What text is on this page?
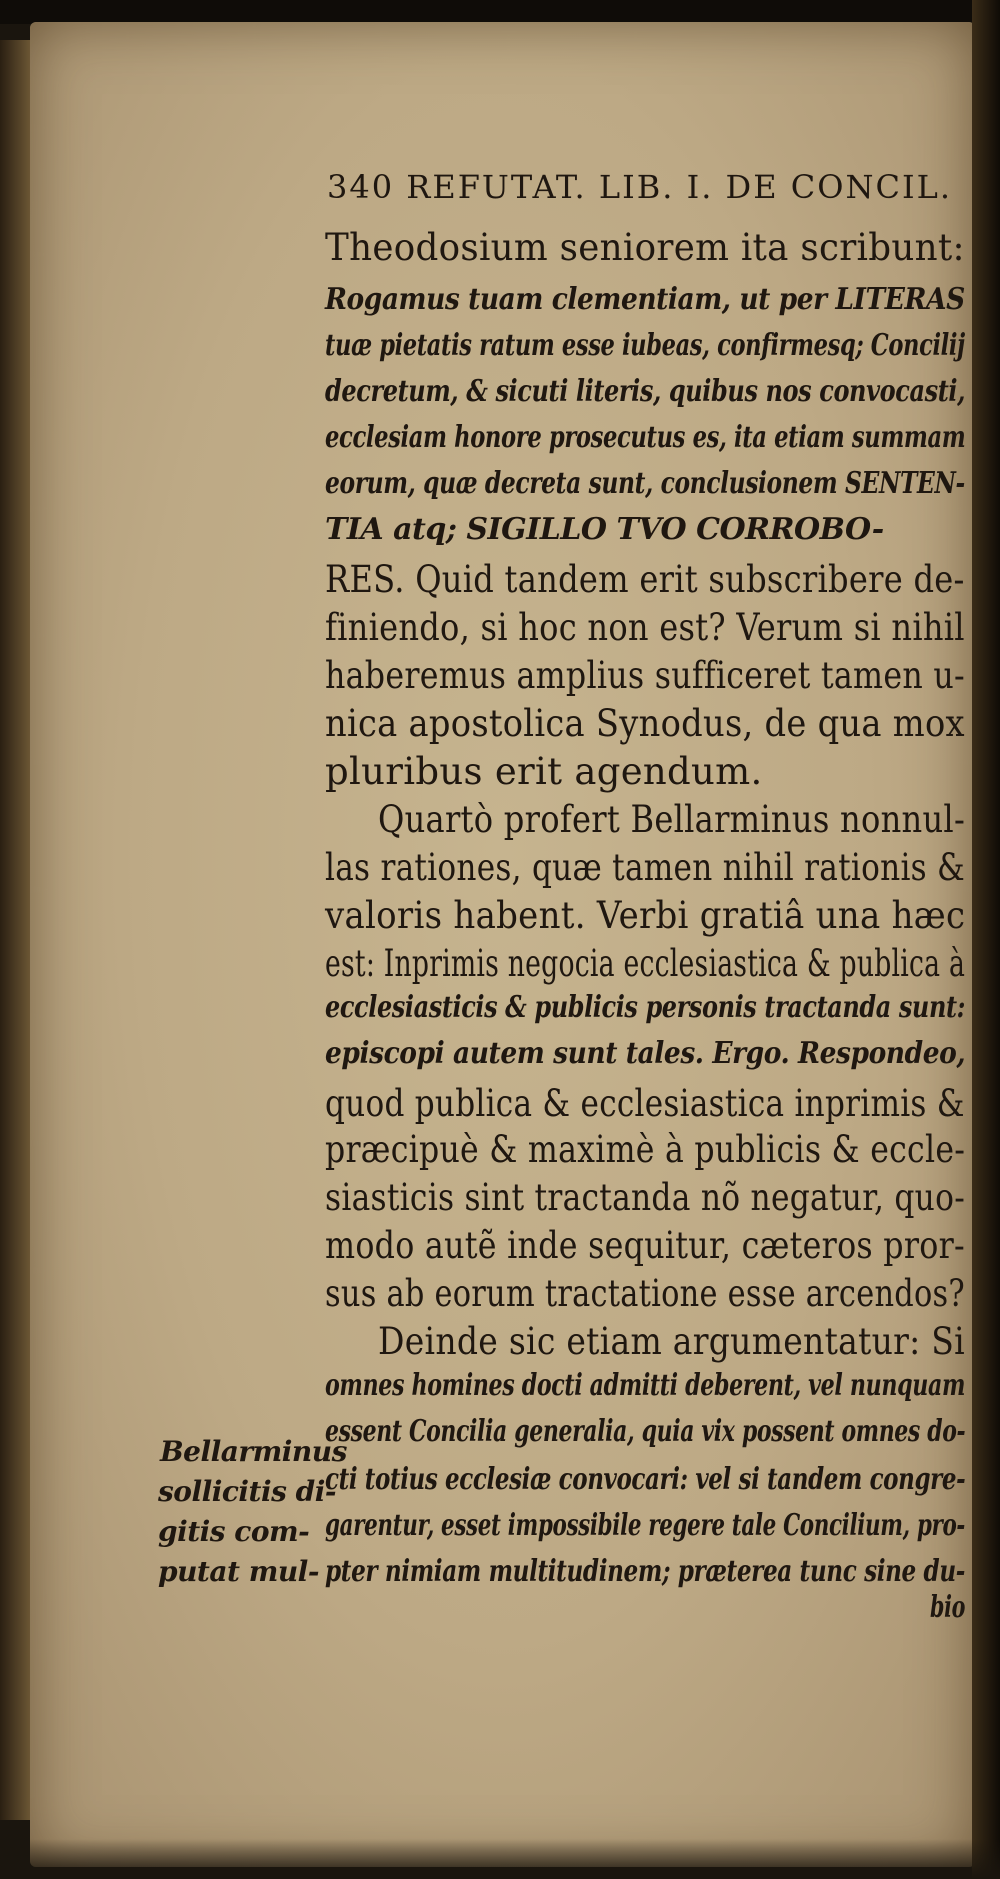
340 REFUTAT. LIB. I. DE CONCIL.
Theodosium seniorem ita scribunt:
Rogamus tuam clementiam, ut per LITERAS
tuæ pietatis ratum esse iubeas, confirmesq; Concilij
decretum, & sicuti literis, quibus nos convocasti,
ecclesiam honore prosecutus es, ita etiam summam
eorum, quæ decreta sunt, conclusionem SENTEN-
TIA atq; SIGILLO TVO CORROBO-
RES. Quid tandem erit subscribere de-
finiendo, si hoc non est? Verum si nihil
haberemus amplius sufficeret tamen u-
nica apostolica Synodus, de qua mox
pluribus erit agendum.
Quartò profert Bellarminus nonnul-
las rationes, quæ tamen nihil rationis &
valoris habent. Verbi gratiâ una hæc
est: Inprimis negocia ecclesiastica & publica à
ecclesiasticis & publicis personis tractanda sunt:
episcopi autem sunt tales. Ergo. Respondeo,
quod publica & ecclesiastica inprimis &
præcipuè & maximè à publicis & eccle-
siasticis sint tractanda nõ negatur, quo-
modo autẽ inde sequitur, cæteros pror-
sus ab eorum tractatione esse arcendos?
Deinde sic etiam argumentatur: Si
omnes homines docti admitti deberent, vel nunquam
essent Concilia generalia, quia vix possent omnes do-
cti totius ecclesiæ convocari: vel si tandem congre-
garentur, esset impossibile regere tale Concilium, pro-
pter nimiam multitudinem; præterea tunc sine du-
bio
Bellarminus
sollicitis di-
gitis com-
putat mul-
